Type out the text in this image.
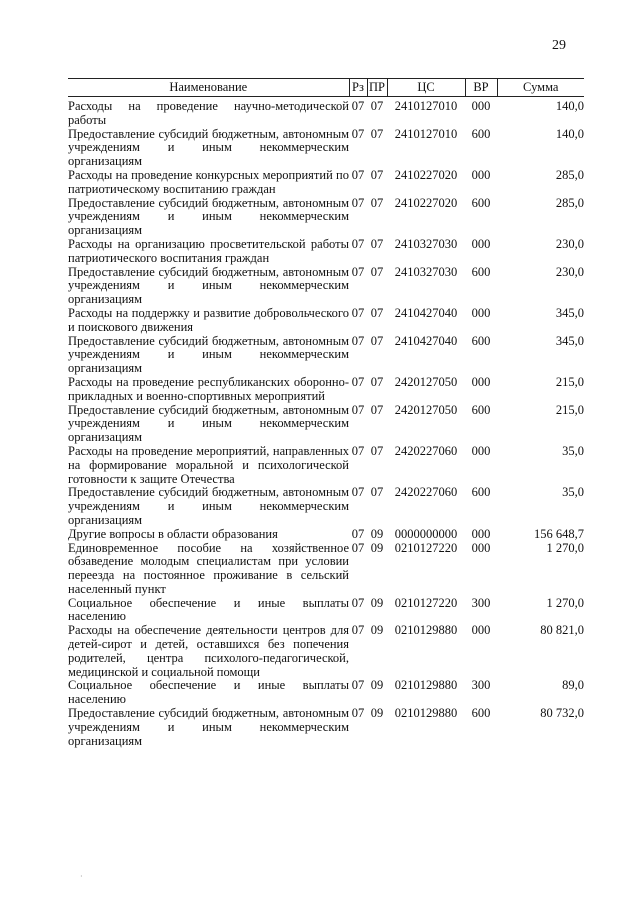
29
Наименование	Рз	ПР	ЦС	ВР	Сумма

Расходы на проведение научно-методической работы	07	07	2410127010	000	140,0
Предоставление субсидий бюджетным, автономным учреждениям и иным некоммерческим организациям	07	07	2410127010	600	140,0
Расходы на проведение конкурсных мероприятий по патриотическому воспитанию граждан	07	07	2410227020	000	285,0
Предоставление субсидий бюджетным, автономным учреждениям и иным некоммерческим организациям	07	07	2410227020	600	285,0
Расходы на организацию просветительской работы патриотического воспитания граждан	07	07	2410327030	000	230,0
Предоставление субсидий бюджетным, автономным учреждениям и иным некоммерческим организациям	07	07	2410327030	600	230,0
Расходы на поддержку и развитие добровольческого и поискового движения	07	07	2410427040	000	345,0
Предоставление субсидий бюджетным, автономным учреждениям и иным некоммерческим организациям	07	07	2410427040	600	345,0
Расходы на проведение республиканских оборонно-прикладных и военно-спортивных мероприятий	07	07	2420127050	000	215,0
Предоставление субсидий бюджетным, автономным учреждениям и иным некоммерческим организациям	07	07	2420127050	600	215,0
Расходы на проведение мероприятий, направленных на формирование моральной и психологической готовности к защите Отечества	07	07	2420227060	000	35,0
Предоставление субсидий бюджетным, автономным учреждениям и иным некоммерческим организациям	07	07	2420227060	600	35,0
Другие вопросы в области образования	07	09	0000000000	000	156 648,7
Единовременное пособие на хозяйственное обзаведение молодым специалистам при условии переезда на постоянное проживание в сельский населенный пункт	07	09	0210127220	000	1 270,0
Социальное обеспечение и иные выплаты населению	07	09	0210127220	300	1 270,0
Расходы на обеспечение деятельности центров для детей-сирот и детей, оставшихся без попечения родителей, центра психолого-педагогической, медицинской и социальной помощи	07	09	0210129880	000	80 821,0
Социальное обеспечение и иные выплаты населению	07	09	0210129880	300	89,0
Предоставление субсидий бюджетным, автономным учреждениям и иным некоммерческим организациям	07	09	0210129880	600	80 732,0
·
